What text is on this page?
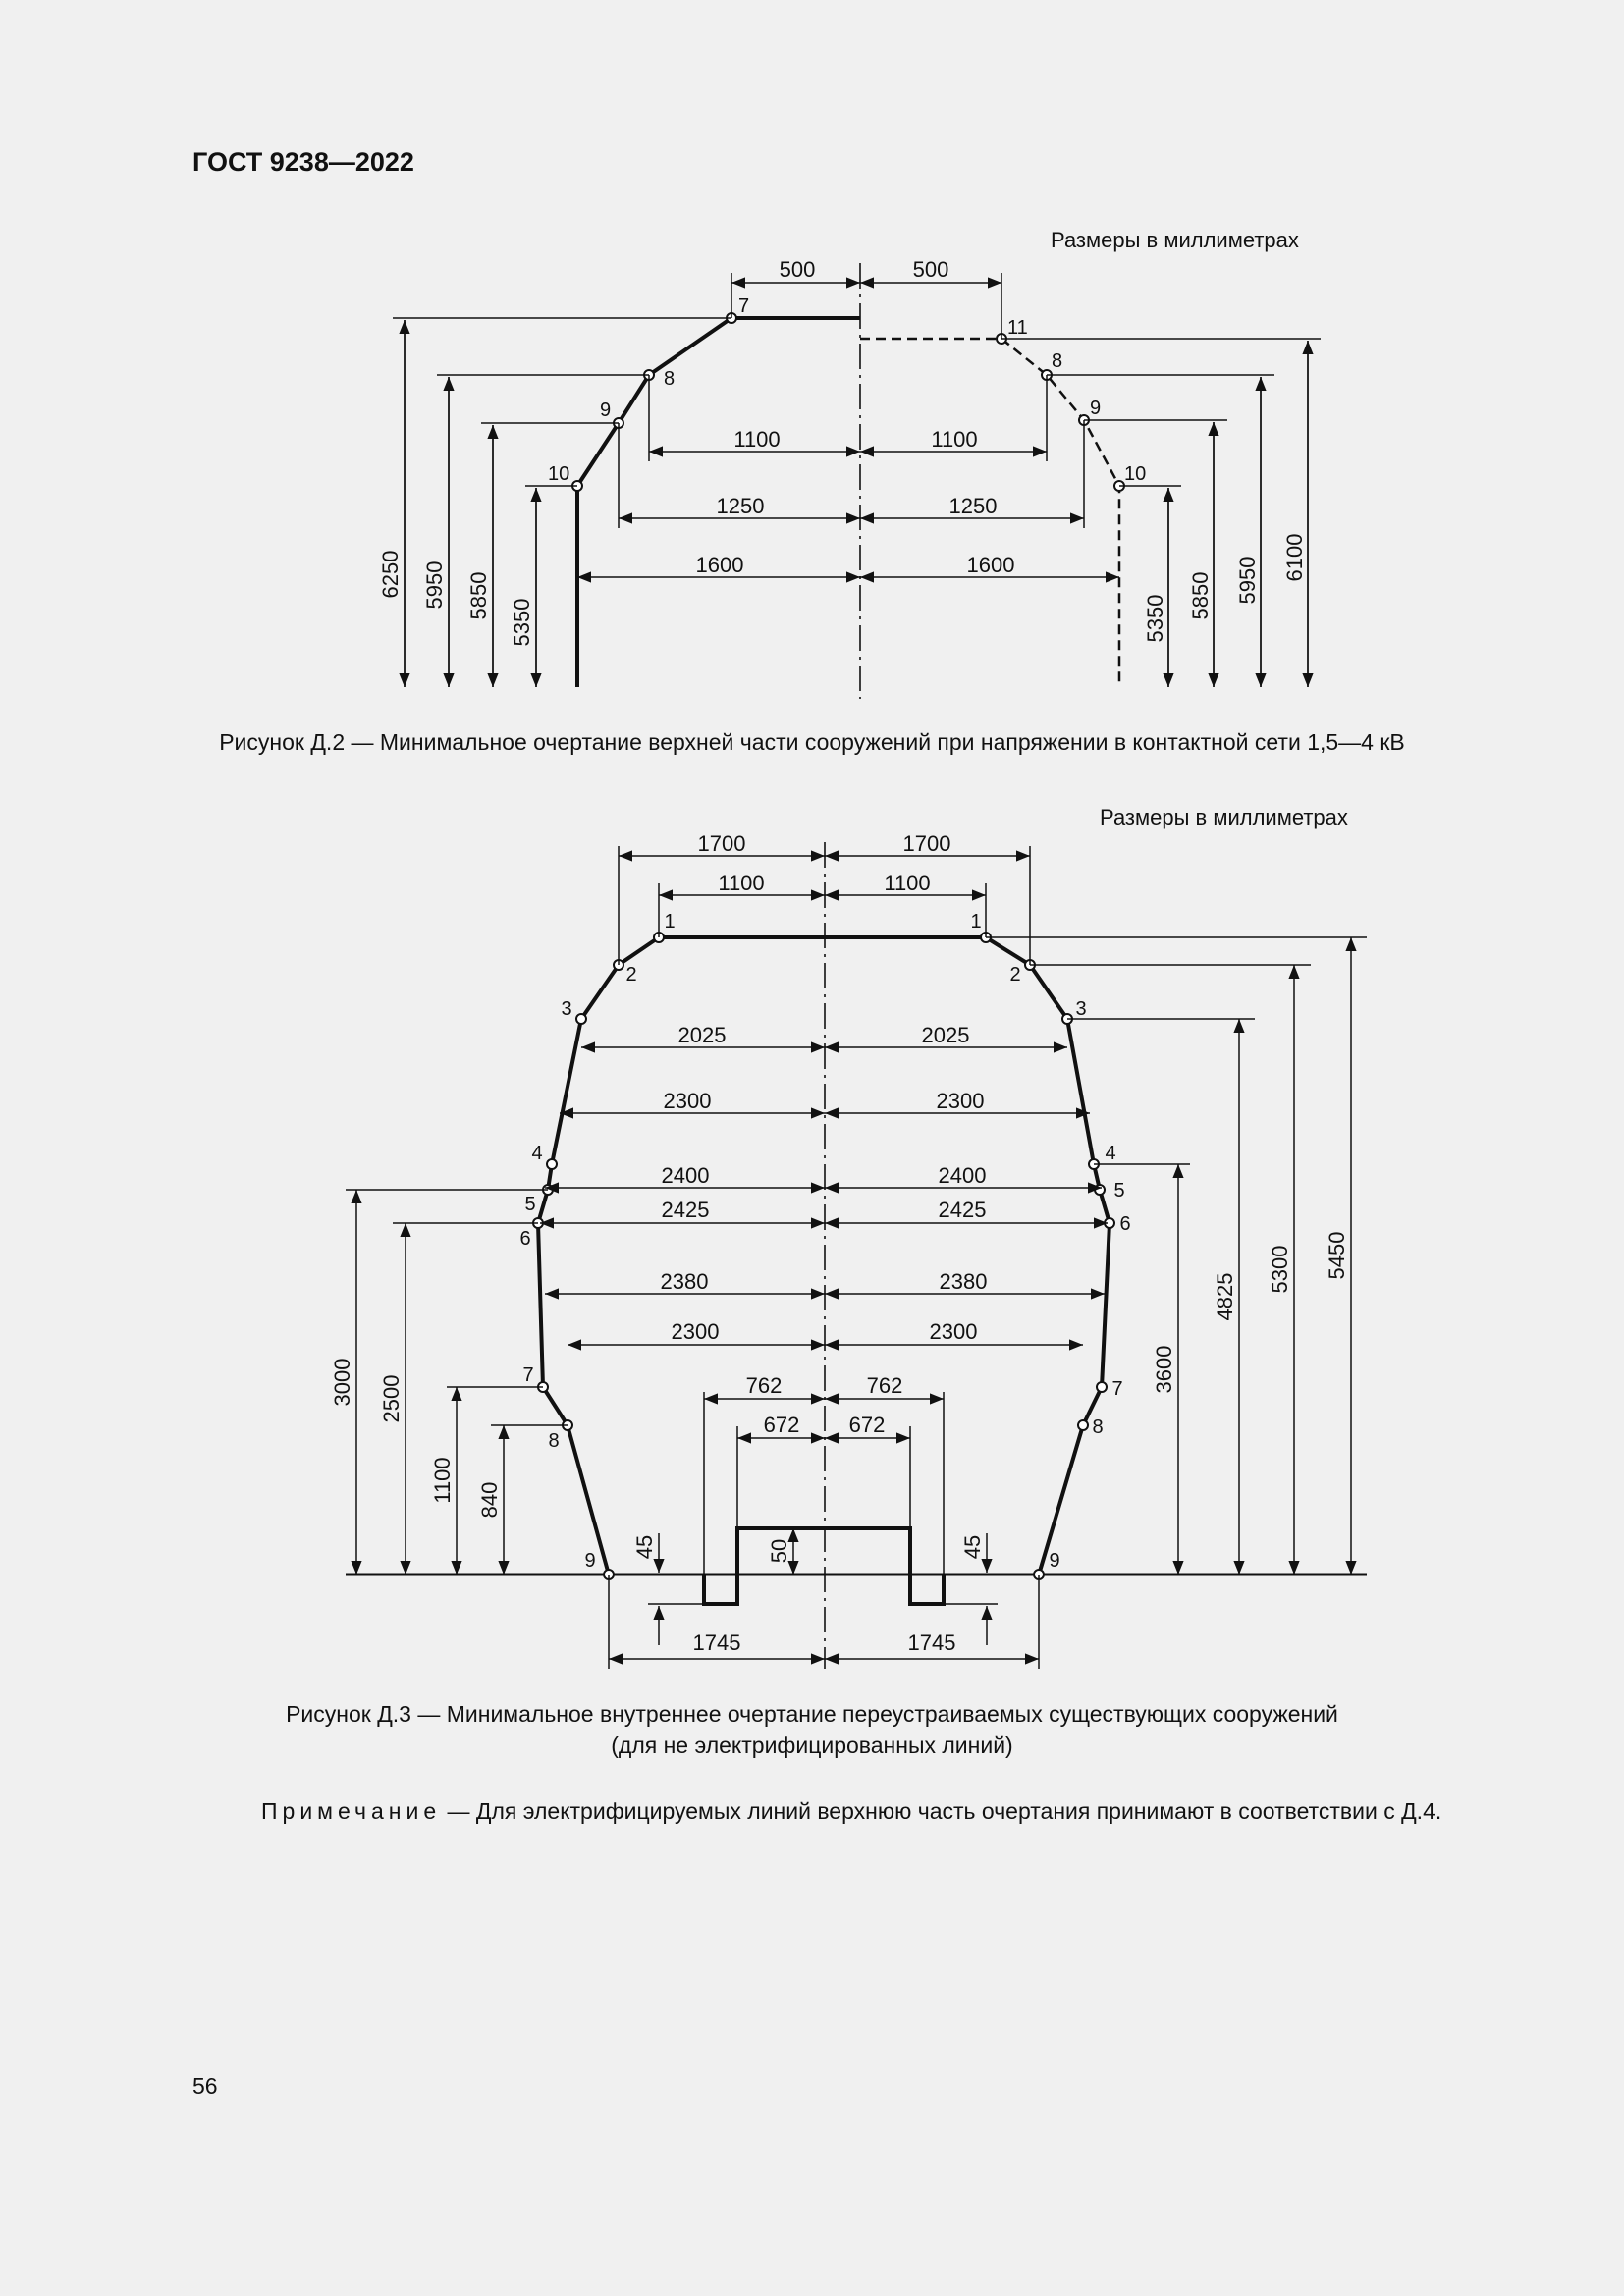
ГОСТ 9238—2022
Размеры в миллиметрах
Размеры в миллиметрах
500	500
1100	1100
1250	1250
1600	1600
6250 5950 5850
5350
6100
5950
5850
5350
7
8
9
10
11
8
9
10
1700	1700
1100	1100
2025	2025
2300	2300
2400	2400
2425	2425
2380	2380
2300	2300
762	762
672 672
1745	1745
3000 2500
1100 840
3600
4825
5300 5450
50
45	45
1
2
3
4
5
6
7
8
9
1
2
3
4
5
6
7
8
9
Рисунок Д.2 — Минимальное очертание верхней части сооружений при напряжении в контактной сети 1,5—4 кВ
Рисунок Д.3 — Минимальное внутреннее очертание переустраиваемых существующих сооружений
(для не электрифицированных линий)
Примечание — Для электрифицируемых линий верхнюю часть очертания принимают в соответствии с Д.4.
56
